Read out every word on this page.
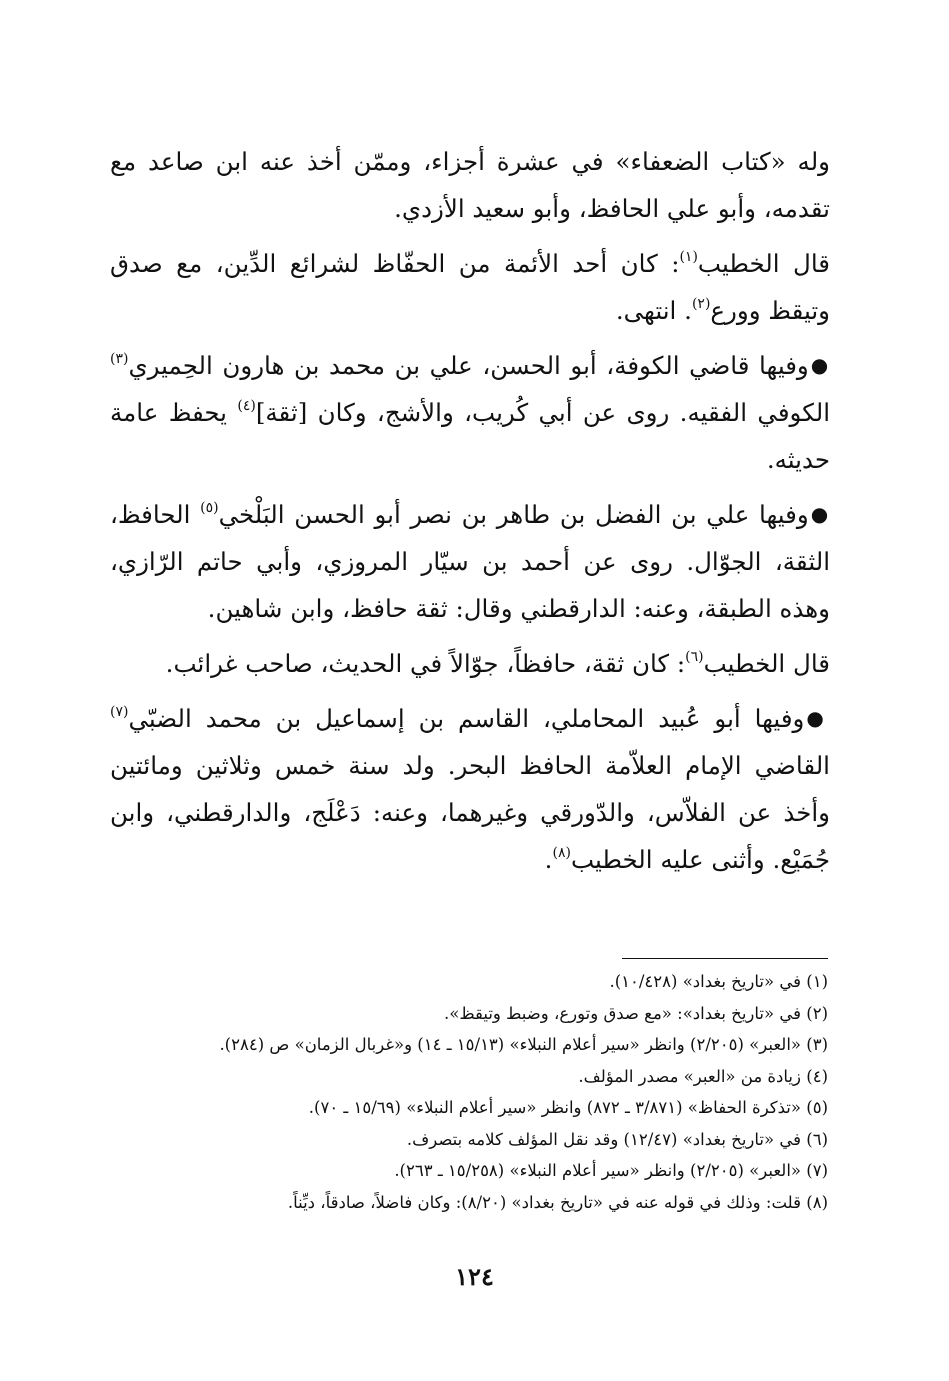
وله «كتاب الضعفاء» في عشرة أجزاء، وممّن أخذ عنه ابن صاعد مع تقدمه، وأبو علي الحافظ، وأبو سعيد الأزدي.

قال الخطيب$^{(١)}$: كان أحد الأئمة من الحفّاظ لشرائع الدِّين، مع صدق وتيقظ وورع$^{(٢)}$. انتهى.

●وفيها قاضي الكوفة، أبو الحسن، علي بن محمد بن هارون الحِميري$^{(٣)}$ الكوفي الفقيه. روى عن أبي كُريب، والأشج، وكان [ثقة]$^{(٤)}$ يحفظ عامة حديثه.

●وفيها علي بن الفضل بن طاهر بن نصر أبو الحسن البَلْخي$^{(٥)}$ الحافظ، الثقة، الجوّال. روى عن أحمد بن سيّار المروزي، وأبي حاتم الرّازي، وهذه الطبقة، وعنه: الدارقطني وقال: ثقة حافظ، وابن شاهين.

قال الخطيب$^{(٦)}$: كان ثقة، حافظاً، جوّالاً في الحديث، صاحب غرائب.

●وفيها أبو عُبيد المحاملي، القاسم بن إسماعيل بن محمد الضبّي$^{(٧)}$ القاضي الإمام العلاّمة الحافظ البحر. ولد سنة خمس وثلاثين ومائتين وأخذ عن الفلاّس، والدّورقي وغيرهما، وعنه: دَعْلَج، والدارقطني، وابن جُمَيْع. وأثنى عليه الخطيب$^{(٨)}$.

(١) في «تاريخ بغداد» (١٠/٤٢٨).
(٢) في «تاريخ بغداد»: «مع صدق وتورع، وضبط وتيقظ».
(٣) «العبر» (٢/٢٠٥) وانظر «سير أعلام النبلاء» (١٥/١٣ ـ ١٤) و«غربال الزمان» ص (٢٨٤).
(٤) زيادة من «العبر» مصدر المؤلف.
(٥) «تذكرة الحفاظ» (٣/٨٧١ ـ ٨٧٢) وانظر «سير أعلام النبلاء» (١٥/٦٩ ـ ٧٠).
(٦) في «تاريخ بغداد» (١٢/٤٧) وقد نقل المؤلف كلامه بتصرف.
(٧) «العبر» (٢/٢٠٥) وانظر «سير أعلام النبلاء» (١٥/٢٥٨ ـ ٢٦٣).
(٨) قلت: وذلك في قوله عنه في «تاريخ بغداد» (٨/٢٠): وكان فاضلاً، صادقاً، ديِّناً.
١٢٤
